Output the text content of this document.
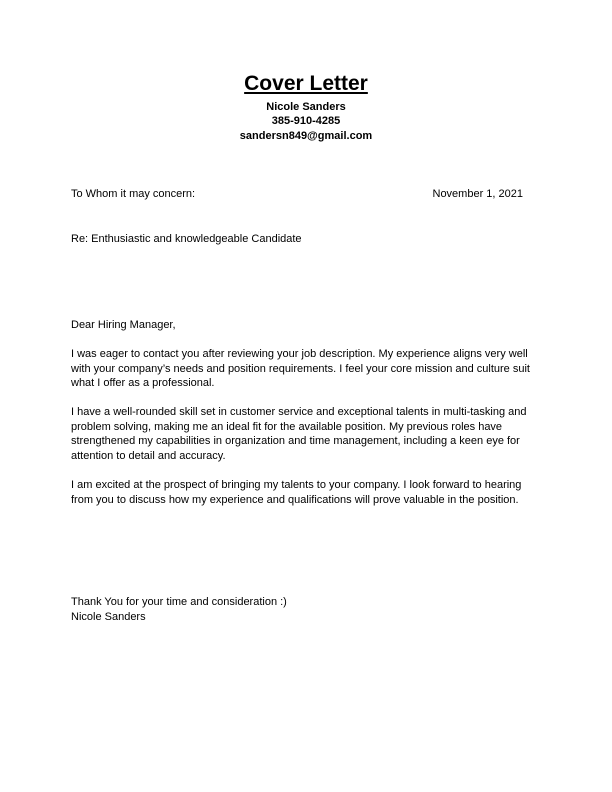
Cover Letter
Nicole Sanders
385-910-4285
sandersn849@gmail.com
To Whom it may concern:	November 1, 2021
Re: Enthusiastic and knowledgeable Candidate
Dear Hiring Manager,
I was eager to contact you after reviewing your job description. My experience aligns very well with your company’s needs and position requirements. I feel your core mission and culture suit what I offer as a professional.
I have a well-rounded skill set in customer service and exceptional talents in multi-tasking and problem solving, making me an ideal fit for the available position. My previous roles have strengthened my capabilities in organization and time management, including a keen eye for attention to detail and accuracy.
I am excited at the prospect of bringing my talents to your company. I look forward to hearing from you to discuss how my experience and qualifications will prove valuable in the position.
Thank You for your time and consideration :)
Nicole Sanders
